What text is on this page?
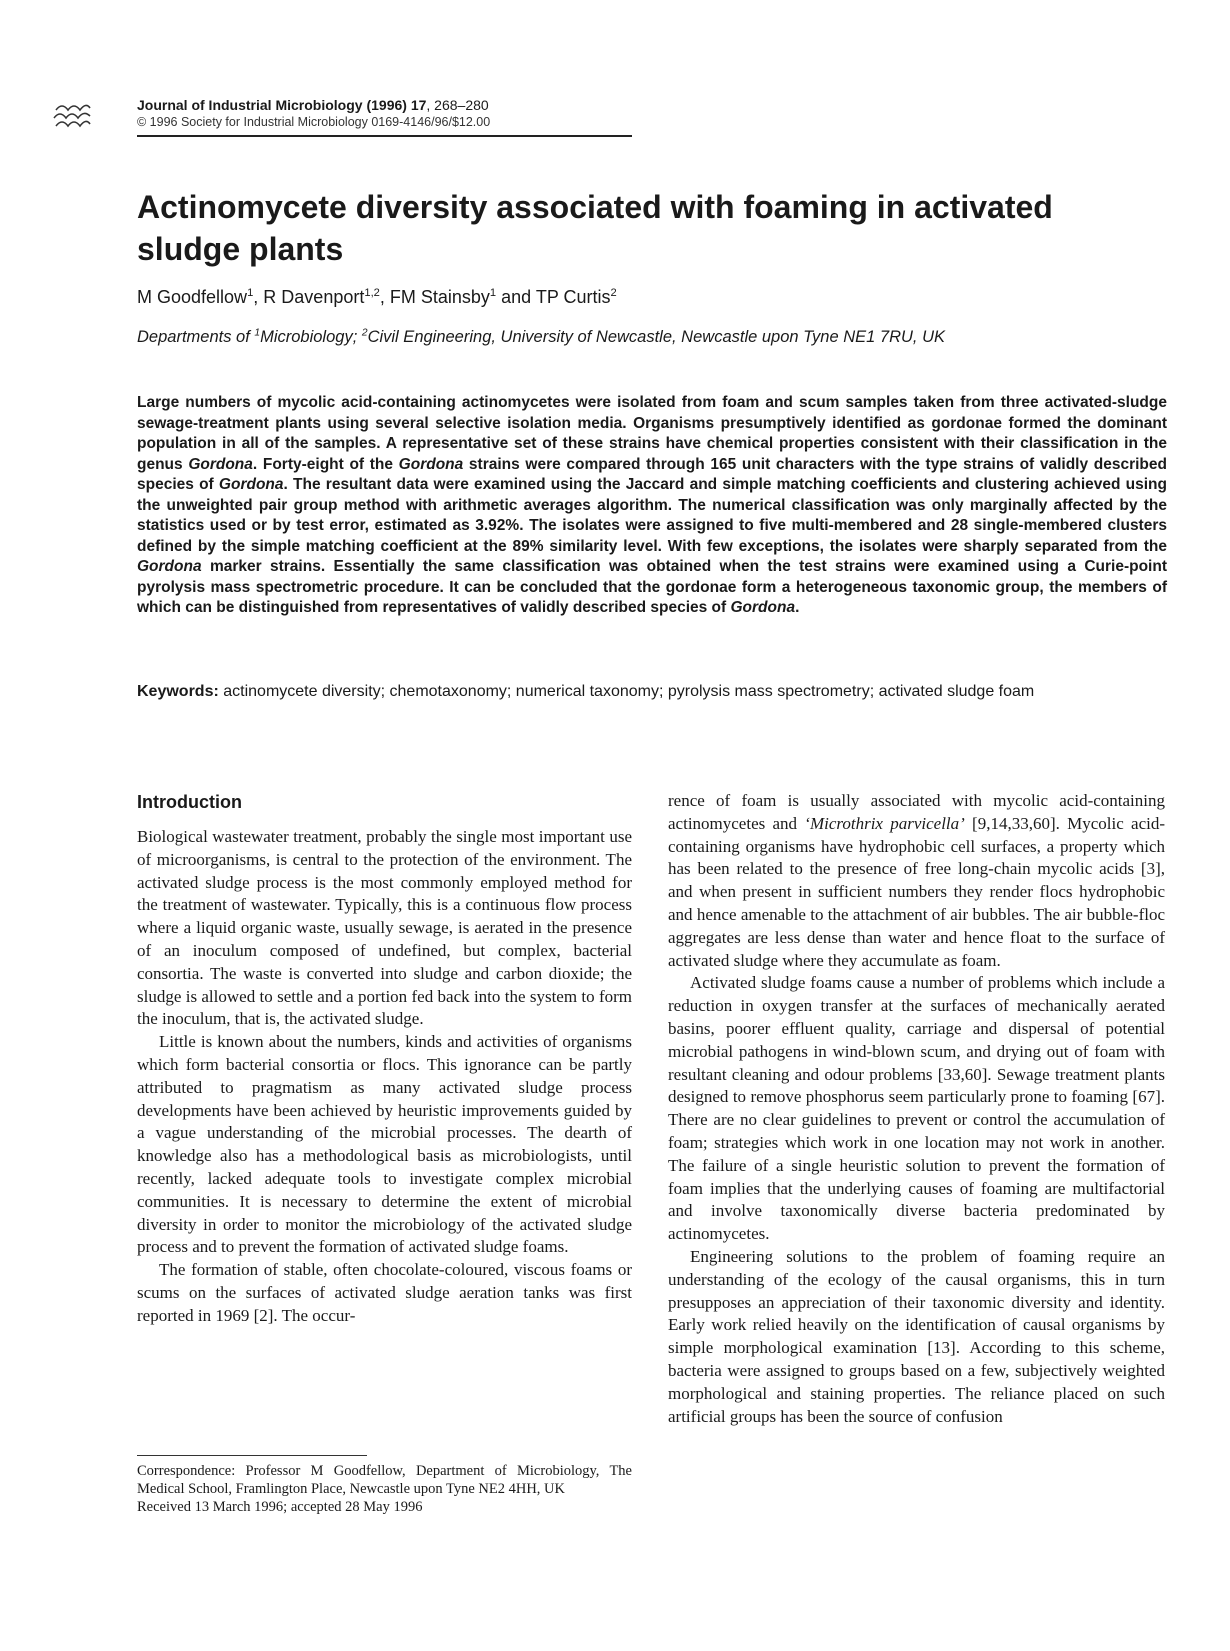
Journal of Industrial Microbiology (1996) 17, 268–280

© 1996 Society for Industrial Microbiology 0169-4146/96/$12.00

Actinomycete diversity associated with foaming in activated sludge plants

M Goodfellow$^1$, R Davenport$^{1,2}$, FM Stainsby$^1$ and TP Curtis$^2$

Departments of $^1$Microbiology; $^2$Civil Engineering, University of Newcastle, Newcastle upon Tyne NE1 7RU, UK

Large numbers of mycolic acid-containing actinomycetes were isolated from foam and scum samples taken from three activated-sludge sewage-treatment plants using several selective isolation media. Organisms presumptively identified as gordonae formed the dominant population in all of the samples. A representative set of these strains have chemical properties consistent with their classification in the genus Gordona. Forty-eight of the Gordona strains were compared through 165 unit characters with the type strains of validly described species of Gordona. The resultant data were examined using the Jaccard and simple matching coefficients and clustering achieved using the unweighted pair group method with arithmetic averages algorithm. The numerical classification was only marginally affected by the statistics used or by test error, estimated as 3.92%. The isolates were assigned to five multi-membered and 28 single-membered clusters defined by the simple matching coefficient at the 89% similarity level. With few exceptions, the isolates were sharply separated from the Gordona marker strains. Essentially the same classification was obtained when the test strains were examined using a Curie-point pyrolysis mass spectrometric procedure. It can be concluded that the gordonae form a heterogeneous taxonomic group, the members of which can be distinguished from representatives of validly described species of Gordona.

Keywords: actinomycete diversity; chemotaxonomy; numerical taxonomy; pyrolysis mass spectrometry; activated sludge foam

Introduction

Biological wastewater treatment, probably the single most important use of microorganisms, is central to the protection of the environment. The activated sludge process is the most commonly employed method for the treatment of wastewater. Typically, this is a continuous flow process where a liquid organic waste, usually sewage, is aerated in the presence of an inoculum composed of undefined, but complex, bacterial consortia. The waste is converted into sludge and carbon dioxide; the sludge is allowed to settle and a portion fed back into the system to form the inoculum, that is, the activated sludge.

Little is known about the numbers, kinds and activities of organisms which form bacterial consortia or flocs. This ignorance can be partly attributed to pragmatism as many activated sludge process developments have been achieved by heuristic improvements guided by a vague understanding of the microbial processes. The dearth of knowledge also has a methodological basis as microbiologists, until recently, lacked adequate tools to investigate complex microbial communities. It is necessary to determine the extent of microbial diversity in order to monitor the microbiology of the activated sludge process and to prevent the formation of activated sludge foams.

The formation of stable, often chocolate-coloured, viscous foams or scums on the surfaces of activated sludge aeration tanks was first reported in 1969 [2]. The occur-

rence of foam is usually associated with mycolic acid-containing actinomycetes and ‘Microthrix parvicella’ [9,14,33,60]. Mycolic acid-containing organisms have hydrophobic cell surfaces, a property which has been related to the presence of free long-chain mycolic acids [3], and when present in sufficient numbers they render flocs hydrophobic and hence amenable to the attachment of air bubbles. The air bubble-floc aggregates are less dense than water and hence float to the surface of activated sludge where they accumulate as foam.

Activated sludge foams cause a number of problems which include a reduction in oxygen transfer at the surfaces of mechanically aerated basins, poorer effluent quality, carriage and dispersal of potential microbial pathogens in wind-blown scum, and drying out of foam with resultant cleaning and odour problems [33,60]. Sewage treatment plants designed to remove phosphorus seem particularly prone to foaming [67]. There are no clear guidelines to prevent or control the accumulation of foam; strategies which work in one location may not work in another. The failure of a single heuristic solution to prevent the formation of foam implies that the underlying causes of foaming are multifactorial and involve taxonomically diverse bacteria predominated by actinomycetes.

Engineering solutions to the problem of foaming require an understanding of the ecology of the causal organisms, this in turn presupposes an appreciation of their taxonomic diversity and identity. Early work relied heavily on the identification of causal organisms by simple morphological examination [13]. According to this scheme, bacteria were assigned to groups based on a few, subjectively weighted morphological and staining properties. The reliance placed on such artificial groups has been the source of confusion

Correspondence: Professor M Goodfellow, Department of Microbiology, The Medical School, Framlington Place, Newcastle upon Tyne NE2 4HH, UK

Received 13 March 1996; accepted 28 May 1996
